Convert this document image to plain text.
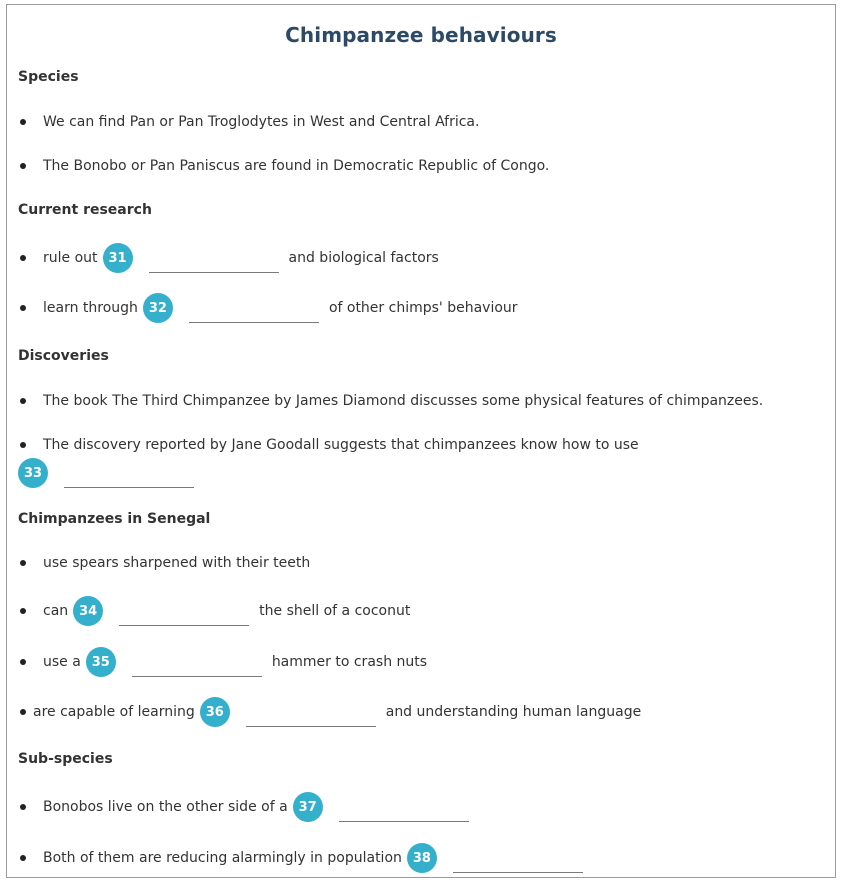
Chimpanzee behaviours
Species
We can find Pan or Pan Troglodytes in West and Central Africa.
The Bonobo or Pan Paniscus are found in Democratic Republic of Congo.
Current research
rule out 31	and biological factors
learn through 32	of other chimps' behaviour
Discoveries
The book The Third Chimpanzee by James Diamond discusses some physical features of chimpanzees.
The discovery reported by Jane Goodall suggests that chimpanzees know how to use
33
Chimpanzees in Senegal
use spears sharpened with their teeth
can 34	the shell of a coconut
use a 35	hammer to crash nuts
are capable of learning 36	and understanding human language
Sub-species
Bonobos live on the other side of a 37
Both of them are reducing alarmingly in population 38
